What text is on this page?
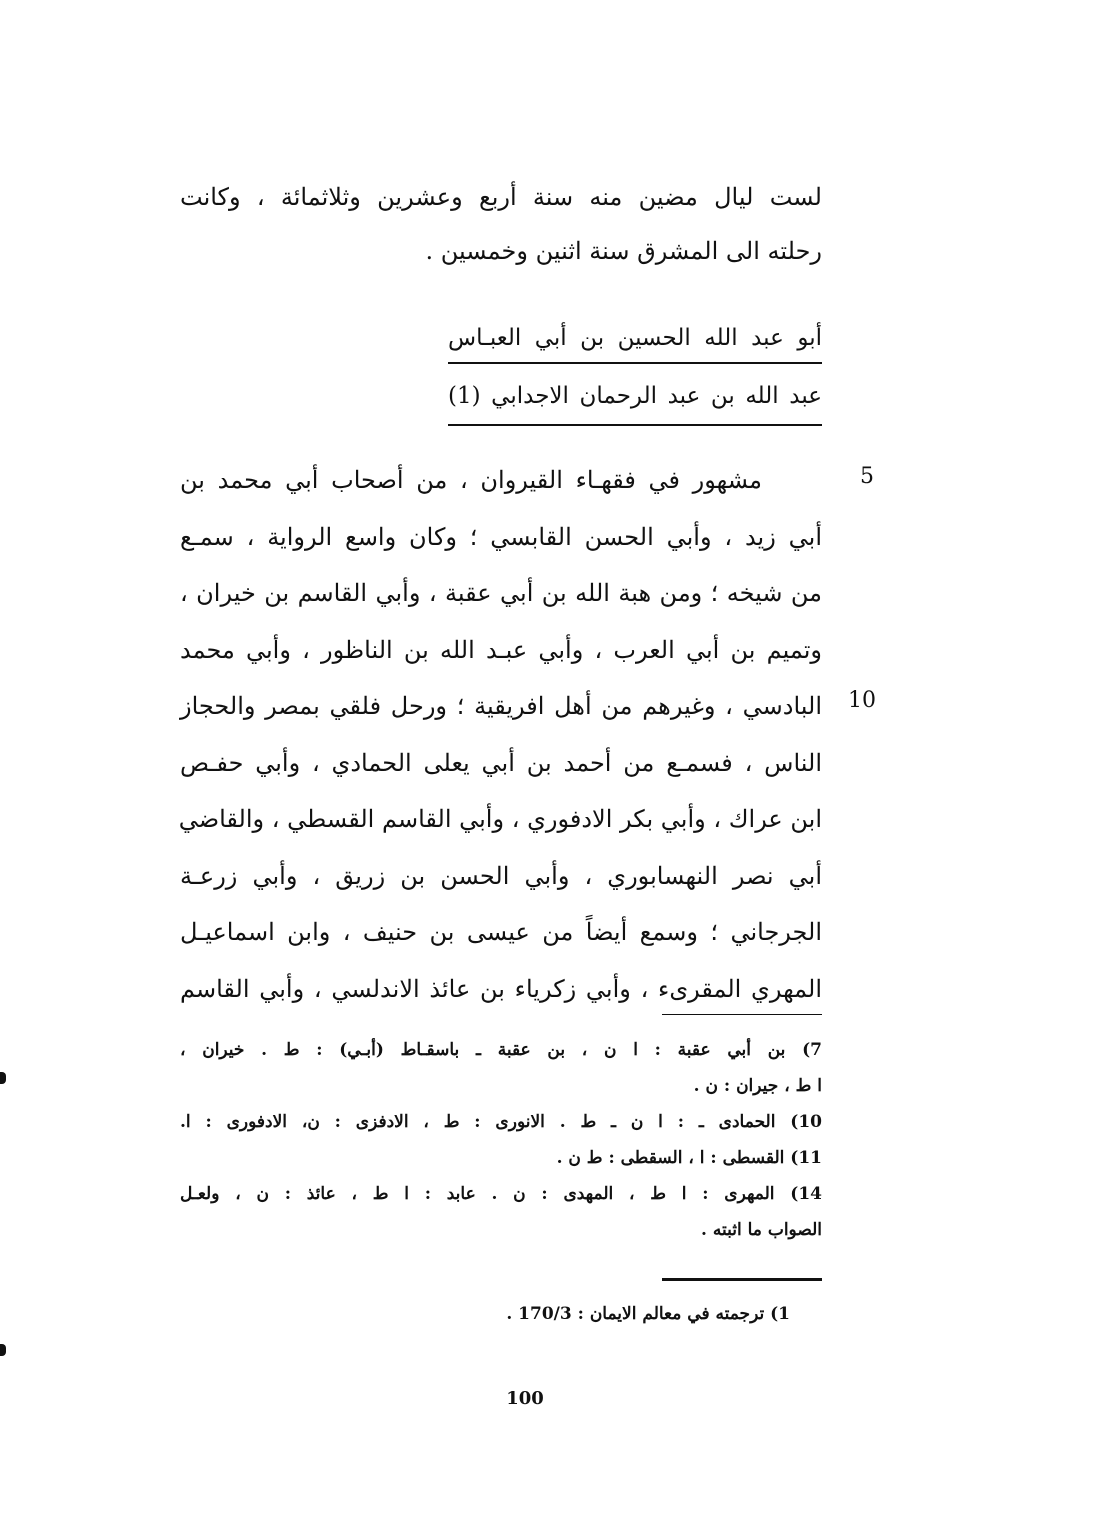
لست ليال مضين منه سنة أربع وعشرين وثلاثمائة ، وكانت
رحلته الى المشرق سنة اثنين وخمسين .
أبو عبد الله الحسين بن أبي العبـاس
عبد الله بن عبد الرحمان الاجدابي (1)
مشهور في فقهـاء القيروان ، من أصحاب أبي محمد بن
أبي زيد ، وأبي الحسن القابسي ؛ وكان واسع الرواية ، سمـع
من شيخه ؛ ومن هبة الله بن أبي عقبة ، وأبي القاسم بن خيران ،
وتميم بن أبي العرب ، وأبي عبـد الله بن الناظور ، وأبي محمد
البادسي ، وغيرهم من أهل افريقية ؛ ورحل فلقي بمصر والحجاز
الناس ، فسمـع من أحمد بن أبي يعلى الحمادي ، وأبي حفـص
ابن عراك ، وأبي بكر الادفوري ، وأبي القاسم القسطي ، والقاضي
أبي نصر النهسابوري ، وأبي الحسن بن زريق ، وأبي زرعـة
الجرجاني ؛ وسمع أيضاً من عيسى بن حنيف ، وابن اسماعيـل
المهري المقرىء ، وأبي زكرياء بن عائذ الاندلسي ، وأبي القاسم
5
10
7) بن أبي عقبة : ا ن ، بن عقبة ـ باسقـاط (أبـي) : ط . خيران ،
ا ط ، جيران : ن .
10) الحمادى ـ : ا ن ـ ط . الانورى : ط ، الادفزى : ن، الادفورى : ا.
11) القسطى : ا ، السقطى : ط ن .
14) المهرى : ا ط ، المهدى : ن . عابد : ا ط ، عائذ : ن ، ولعـل
الصواب ما اثبته .
1) ترجمته في معالم الايمان : 170/3 .
100
